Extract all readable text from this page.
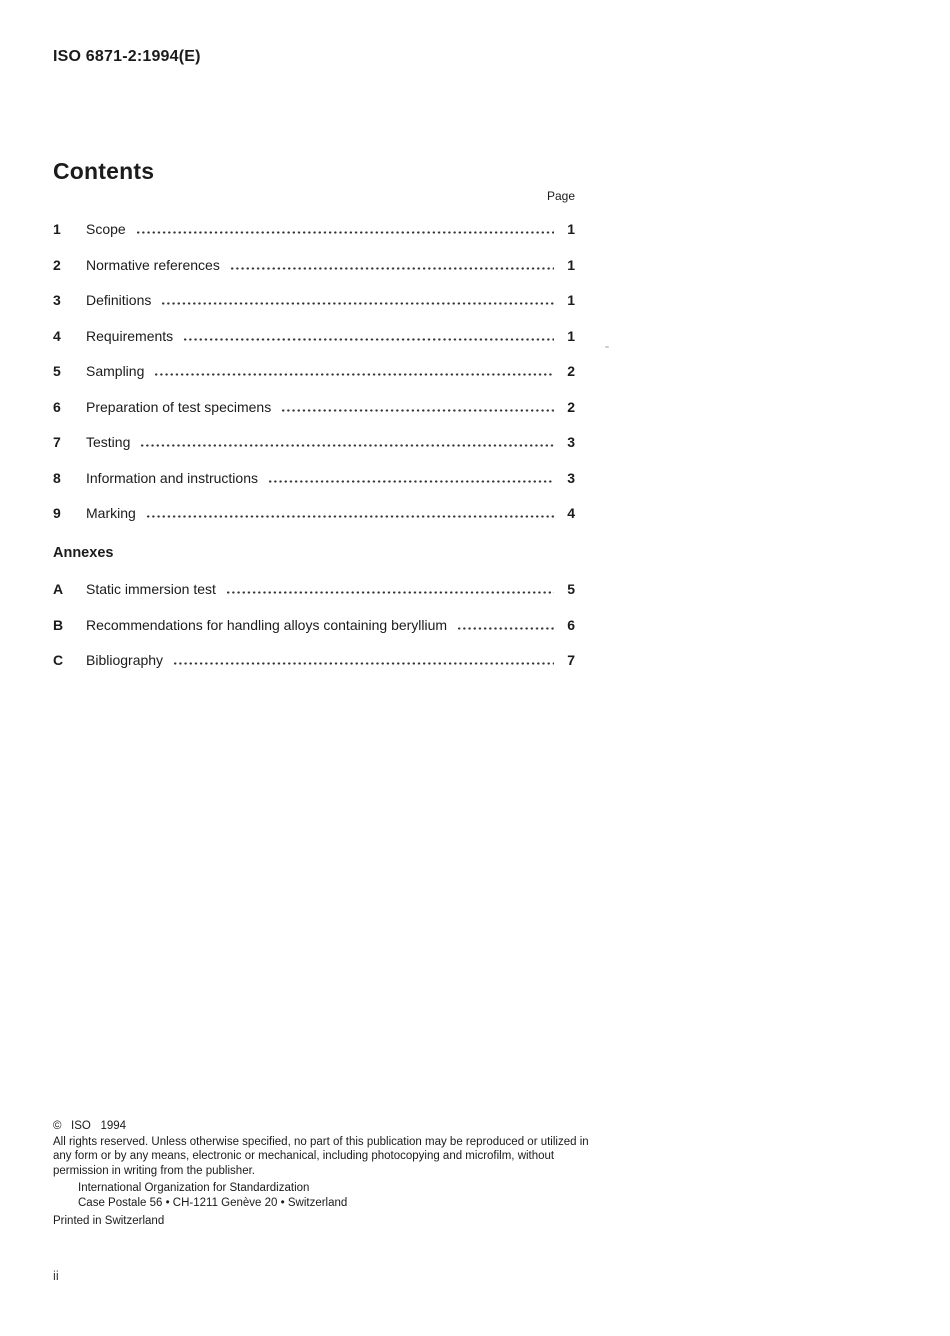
ISO 6871-2:1994(E)
Contents
Page
1	Scope	1
2	Normative references	1
3	Definitions	1
4	Requirements	1
5	Sampling	2
6	Preparation of test specimens	2
7	Testing	3
8	Information and instructions	3
9	Marking	4
Annexes
A	Static immersion test	5
B	Recommendations for handling alloys containing beryllium	6
C	Bibliography	7
©   ISO   1994
All rights reserved. Unless otherwise specified, no part of this publication may be reproduced or utilized in any form or by any means, electronic or mechanical, including photocopying and microfilm, without permission in writing from the publisher.
International Organization for Standardization
Case Postale 56 • CH-1211 Genève 20 • Switzerland
Printed in Switzerland
ii
